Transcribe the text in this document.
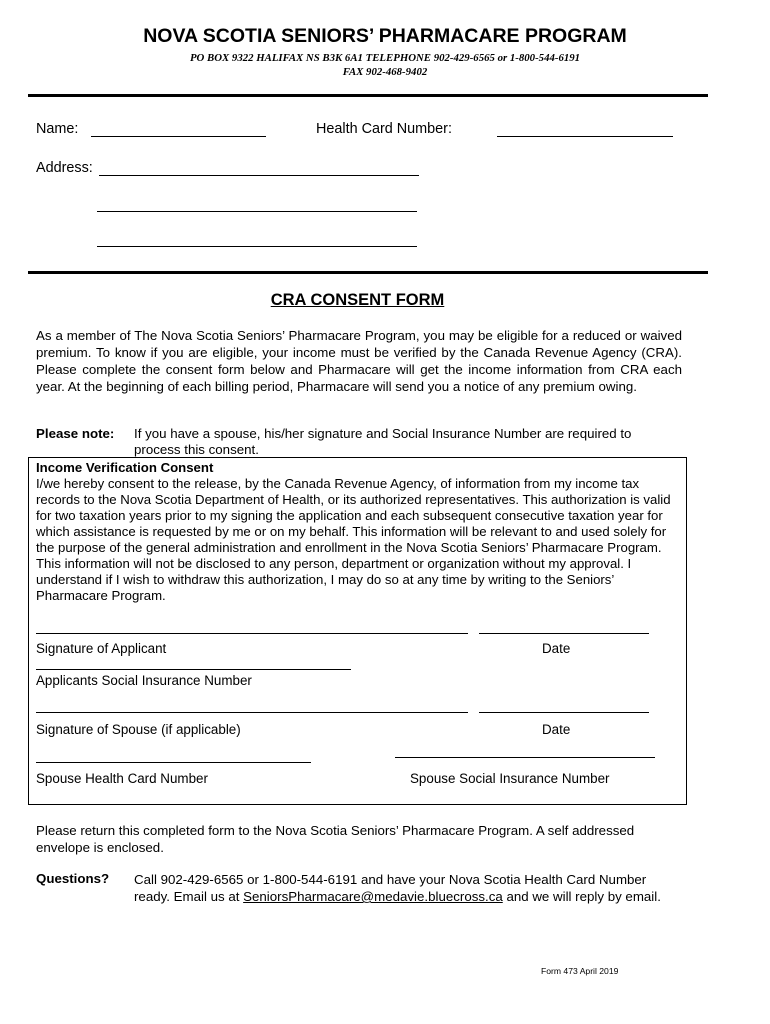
NOVA SCOTIA SENIORS’ PHARMACARE PROGRAM
PO BOX 9322 HALIFAX NS B3K 6A1 TELEPHONE 902-429-6565 or 1-800-544-6191
FAX 902-468-9402
Name:	Health Card Number:
Address:
CRA CONSENT FORM
As a member of The Nova Scotia Seniors’ Pharmacare Program, you may be eligible for a reduced or waived premium. To know if you are eligible, your income must be verified by the Canada Revenue Agency (CRA). Please complete the consent form below and Pharmacare will get the income information from CRA each year. At the beginning of each billing period, Pharmacare will send you a notice of any premium owing.
Please note: If you have a spouse, his/her signature and Social Insurance Number are required to process this consent.
Income Verification Consent
I/we hereby consent to the release, by the Canada Revenue Agency, of information from my income tax records to the Nova Scotia Department of Health, or its authorized representatives. This authorization is valid for two taxation years prior to my signing the application and each subsequent consecutive taxation year for which assistance is requested by me or on my behalf. This information will be relevant to and used solely for the purpose of the general administration and enrollment in the Nova Scotia Seniors’ Pharmacare Program. This information will not be disclosed to any person, department or organization without my approval. I understand if I wish to withdraw this authorization, I may do so at any time by writing to the Seniors’ Pharmacare Program.
Signature of Applicant	Date
Applicants Social Insurance Number
Signature of Spouse (if applicable)	Date
Spouse Health Card Number	Spouse Social Insurance Number
Please return this completed form to the Nova Scotia Seniors’ Pharmacare Program. A self addressed envelope is enclosed.
Questions? Call 902-429-6565 or 1-800-544-6191 and have your Nova Scotia Health Card Number ready. Email us at SeniorsPharmacare@medavie.bluecross.ca and we will reply by email.
Form 473 April 2019
